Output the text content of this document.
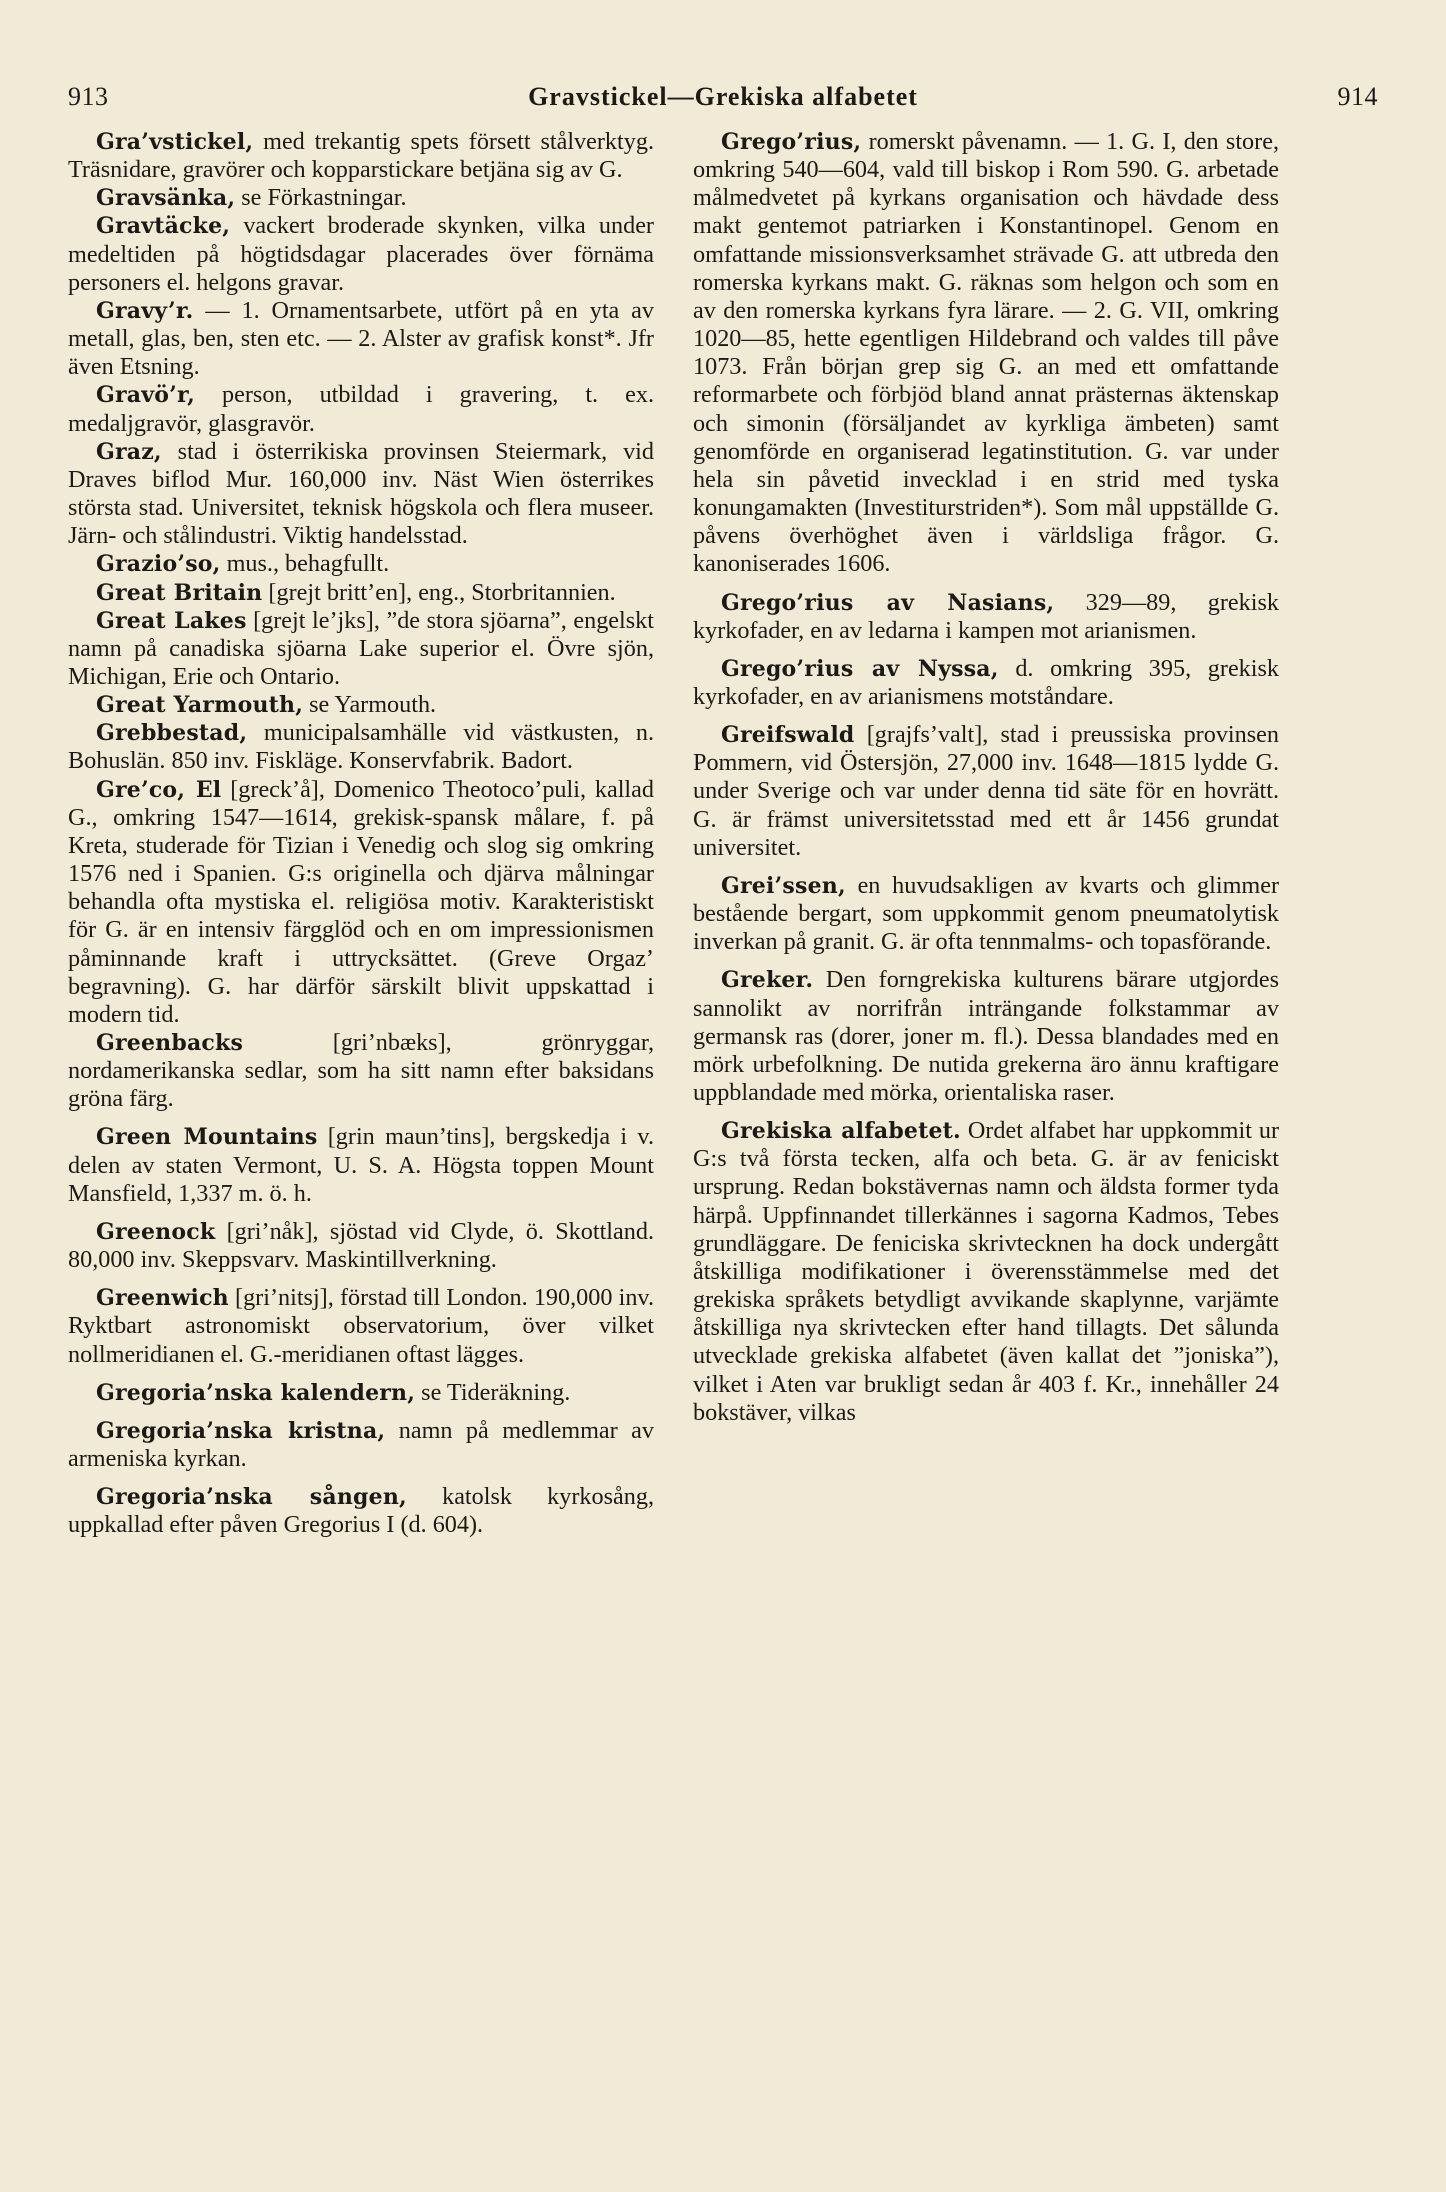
913	Gravstickel—Grekiska alfabetet	914

Gra’vstickel, med trekantig spets försett stålverktyg. Träsnidare, gravörer och kopparstickare betjäna sig av G.

Gravsänka, se Förkastningar.

Gravtäcke, vackert broderade skynken, vilka under medeltiden på högtidsdagar placerades över förnäma personers el. helgons gravar.

Gravy’r. — 1. Ornamentsarbete, utfört på en yta av metall, glas, ben, sten etc. — 2. Alster av grafisk konst*. Jfr även Etsning.

Gravö’r, person, utbildad i gravering, t. ex. medaljgravör, glasgravör.

Graz, stad i österrikiska provinsen Steiermark, vid Draves biflod Mur. 160,000 inv. Näst Wien österrikes största stad. Universitet, teknisk högskola och flera museer. Järn- och stålindustri. Viktig handelsstad.

Grazio’so, mus., behagfullt.

Great Britain [grejt britt’en], eng., Storbritannien.

Great Lakes [grejt le’jks], ”de stora sjöarna”, engelskt namn på canadiska sjöarna Lake superior el. Övre sjön, Michigan, Erie och Ontario.

Great Yarmouth, se Yarmouth.

Grebbestad, municipalsamhälle vid västkusten, n. Bohuslän. 850 inv. Fiskläge. Konservfabrik. Badort.

Gre’co, El [greck’å], Domenico Theotoco’puli, kallad G., omkring 1547—1614, grekisk-spansk målare, f. på Kreta, studerade för Tizian i Venedig och slog sig omkring 1576 ned i Spanien. G:s originella och djärva målningar behandla ofta mystiska el. religiösa motiv. Karakteristiskt för G. är en intensiv färgglöd och en om impressionismen påminnande kraft i uttrycksättet. (Greve Orgaz’ begravning). G. har därför särskilt blivit uppskattad i modern tid.

Greenbacks [gri’nbæks], grönryggar, nordamerikanska sedlar, som ha sitt namn efter baksidans gröna färg.

Green Mountains [grin maun’tins], bergskedja i v. delen av staten Vermont, U. S. A. Högsta toppen Mount Mansfield, 1,337 m. ö. h.

Greenock [gri’nåk], sjöstad vid Clyde, ö. Skottland. 80,000 inv. Skeppsvarv. Maskintillverkning.

Greenwich [gri’nitsj], förstad till London. 190,000 inv. Ryktbart astronomiskt observatorium, över vilket nollmeridianen el. G.-meridianen oftast lägges.

Gregoria’nska kalendern, se Tideräkning.

Gregoria’nska kristna, namn på medlemmar av armeniska kyrkan.

Gregoria’nska sången, katolsk kyrkosång, uppkallad efter påven Gregorius I (d. 604).

Grego’rius, romerskt påvenamn. — 1. G. I, den store, omkring 540—604, vald till biskop i Rom 590. G. arbetade målmedvetet på kyrkans organisation och hävdade dess makt gentemot patriarken i Konstantinopel. Genom en omfattande missionsverksamhet strävade G. att utbreda den romerska kyrkans makt. G. räknas som helgon och som en av den romerska kyrkans fyra lärare. — 2. G. VII, omkring 1020—85, hette egentligen Hildebrand och valdes till påve 1073. Från början grep sig G. an med ett omfattande reformarbete och förbjöd bland annat prästernas äktenskap och simonin (försäljandet av kyrkliga ämbeten) samt genomförde en organiserad legatinstitution. G. var under hela sin påvetid invecklad i en strid med tyska konungamakten (Investiturstriden*). Som mål uppställde G. påvens överhöghet även i världsliga frågor. G. kanoniserades 1606.

Grego’rius av Nasians, 329—89, grekisk kyrkofader, en av ledarna i kampen mot arianismen.

Grego’rius av Nyssa, d. omkring 395, grekisk kyrkofader, en av arianismens motståndare.

Greifswald [grajfs’valt], stad i preussiska provinsen Pommern, vid Östersjön, 27,000 inv. 1648—1815 lydde G. under Sverige och var under denna tid säte för en hovrätt. G. är främst universitetsstad med ett år 1456 grundat universitet.

Grei’ssen, en huvudsakligen av kvarts och glimmer bestående bergart, som uppkommit genom pneumatolytisk inverkan på granit. G. är ofta tennmalms- och topasförande.

Greker. Den forngrekiska kulturens bärare utgjordes sannolikt av norrifrån inträngande folkstammar av germansk ras (dorer, joner m. fl.). Dessa blandades med en mörk urbefolkning. De nutida grekerna äro ännu kraftigare uppblandade med mörka, orientaliska raser.

Grekiska alfabetet. Ordet alfabet har uppkommit ur G:s två första tecken, alfa och beta. G. är av feniciskt ursprung. Redan bokstävernas namn och äldsta former tyda härpå. Uppfinnandet tillerkännes i sagorna Kadmos, Tebes grundläggare. De feniciska skrivtecknen ha dock undergått åtskilliga modifikationer i överensstämmelse med det grekiska språkets betydligt avvikande skaplynne, varjämte åtskilliga nya skrivtecken efter hand tillagts. Det sålunda utvecklade grekiska alfabetet (även kallat det ”joniska”), vilket i Aten var brukligt sedan år 403 f. Kr., innehåller 24 bokstäver, vilkas
